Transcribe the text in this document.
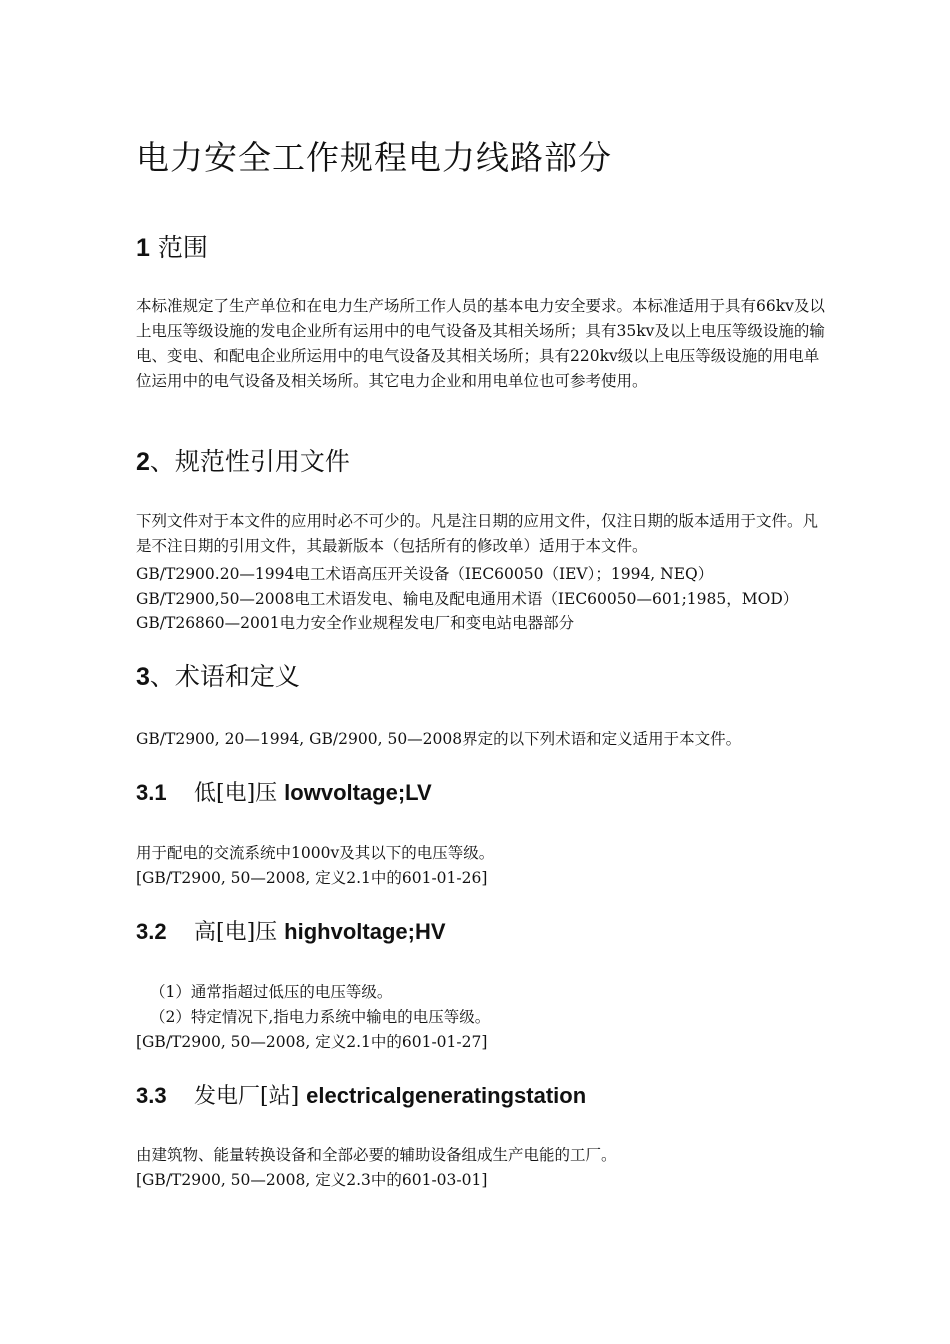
电力安全工作规程电力线路部分
1 范围
本标准规定了生产单位和在电力生产场所工作人员的基本电力安全要求。本标准适用于具有66kv及以上电压等级设施的发电企业所有运用中的电气设备及其相关场所；具有35kv及以上电压等级设施的输电、变电、和配电企业所运用中的电气设备及其相关场所；具有220kv级以上电压等级设施的用电单位运用中的电气设备及相关场所。其它电力企业和用电单位也可参考使用。
2、规范性引用文件
下列文件对于本文件的应用时必不可少的。凡是注日期的应用文件，仅注日期的版本适用于文件。凡是不注日期的引用文件，其最新版本（包括所有的修改单）适用于本文件。
GB/T2900.20—1994电工术语高压开关设备（IEC60050（IEV）；1994, NEQ）
GB/T2900,50—2008电工术语发电、输电及配电通用术语（IEC60050—601;1985，MOD）
GB/T26860—2001电力安全作业规程发电厂和变电站电器部分
3、术语和定义
GB/T2900, 20—1994, GB/2900, 50—2008界定的以下列术语和定义适用于本文件。
3.1 低[电]压 lowvoltage;LV
用于配电的交流系统中1000v及其以下的电压等级。
[GB/T2900, 50—2008, 定义2.1中的601-01-26]
3.2 高[电]压 highvoltage;HV
（1）通常指超过低压的电压等级。
（2）特定情况下,指电力系统中输电的电压等级。
[GB/T2900, 50—2008, 定义2.1中的601-01-27]
3.3 发电厂[站] electricalgeneratingstation
由建筑物、能量转换设备和全部必要的辅助设备组成生产电能的工厂。
[GB/T2900, 50—2008, 定义2.3中的601-03-01]
